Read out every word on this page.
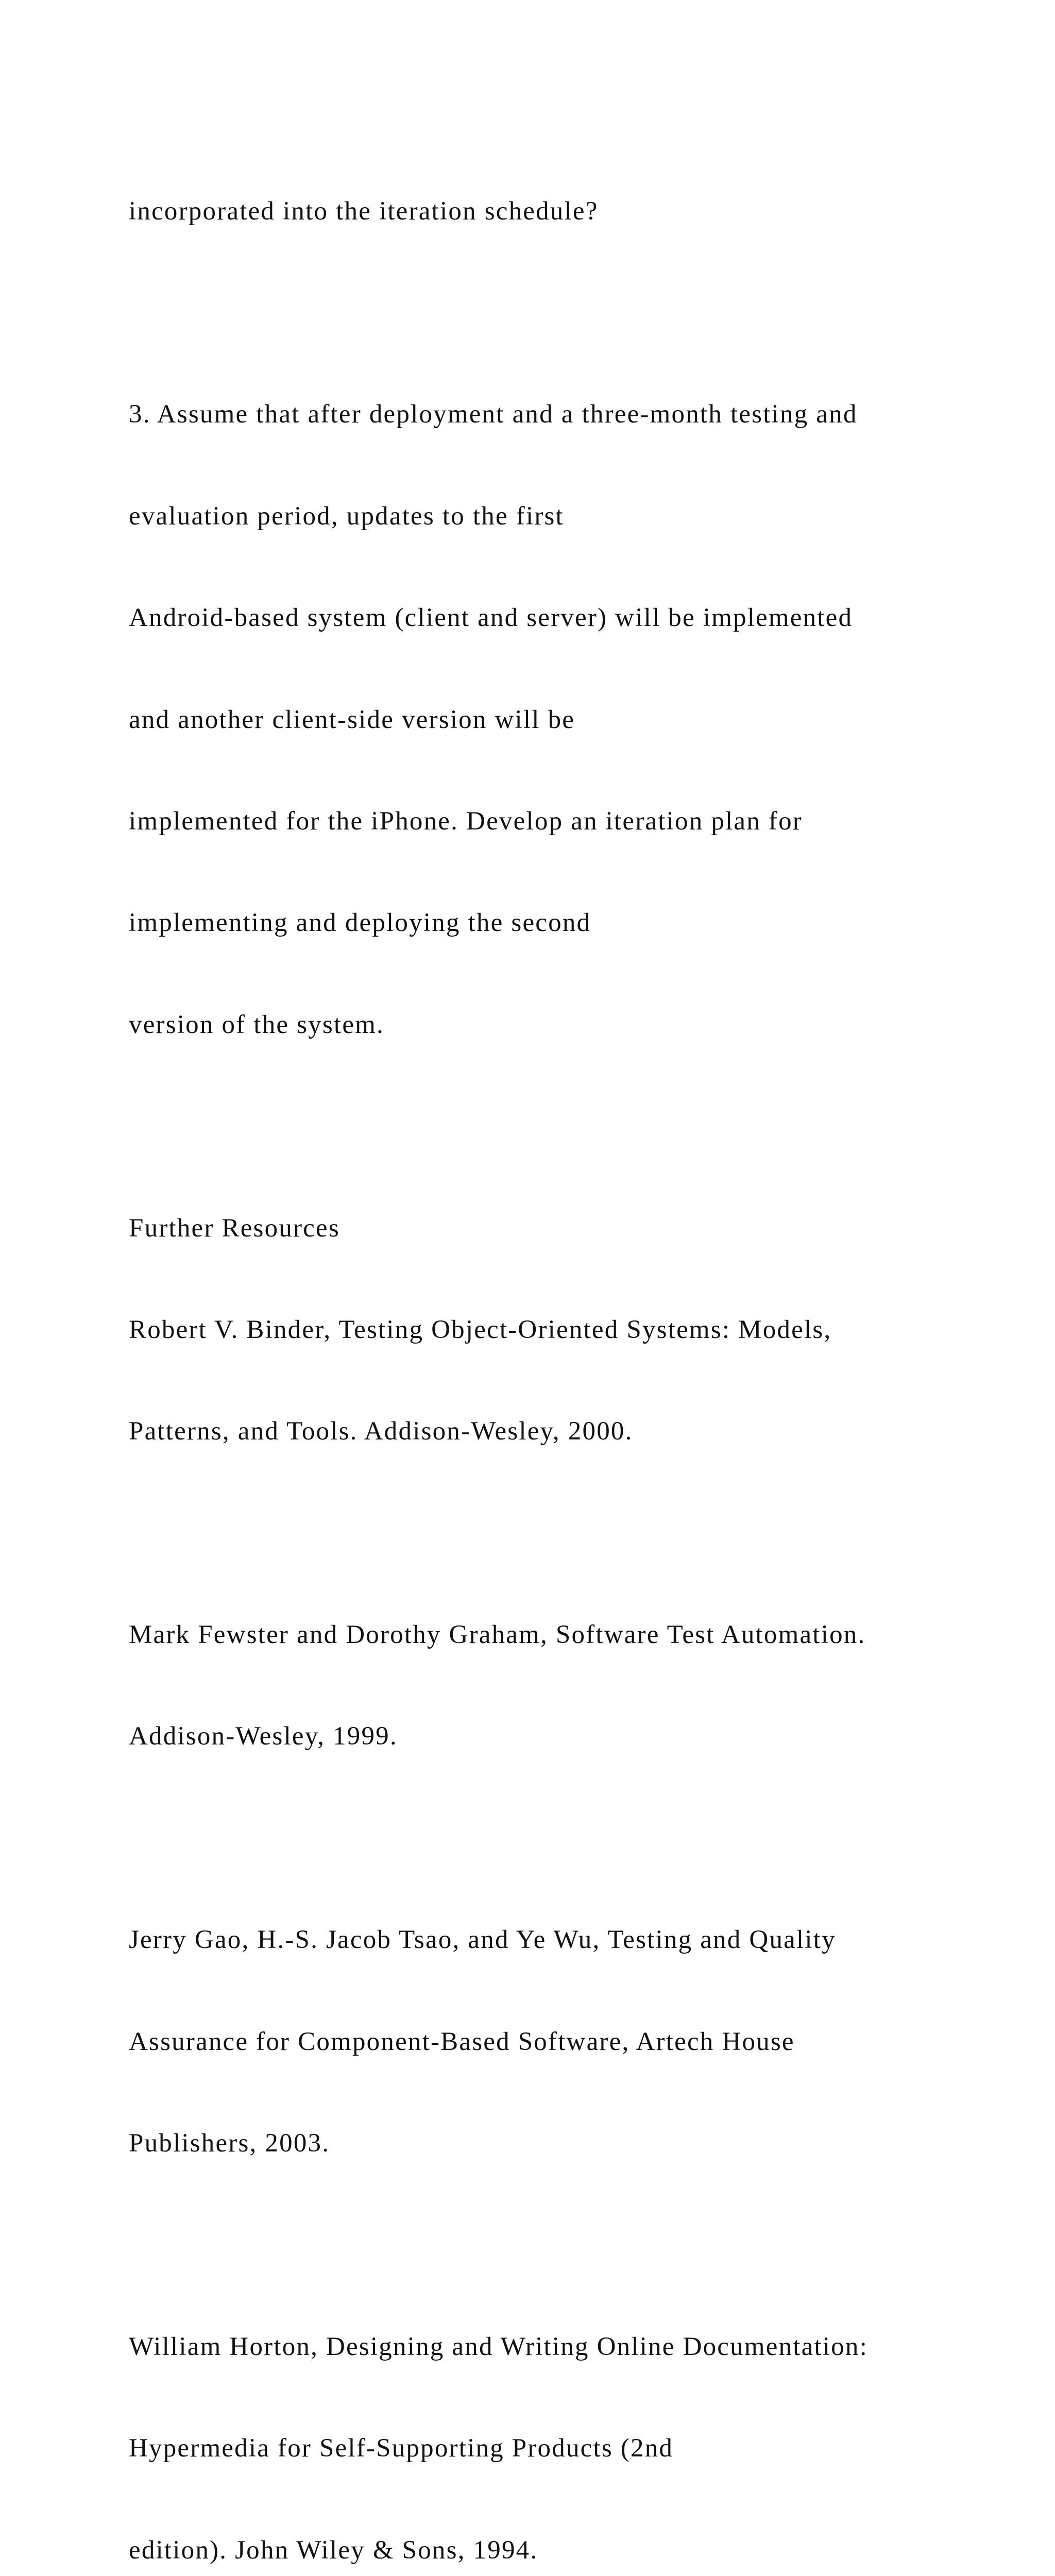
incorporated into the iteration schedule?

3. Assume that after deployment and a three-month testing and

evaluation period, updates to the first

Android-based system (client and server) will be implemented

and another client-side version will be

implemented for the iPhone. Develop an iteration plan for

implementing and deploying the second

version of the system.

Further Resources

Robert V. Binder, Testing Object-Oriented Systems: Models,

Patterns, and Tools. Addison-Wesley, 2000.

Mark Fewster and Dorothy Graham, Software Test Automation.

Addison-Wesley, 1999.

Jerry Gao, H.-S. Jacob Tsao, and Ye Wu, Testing and Quality

Assurance for Component-Based Software, Artech House

Publishers, 2003.

William Horton, Designing and Writing Online Documentation:

Hypermedia for Self-Supporting Products (2nd

edition). John Wiley & Sons, 1994.
